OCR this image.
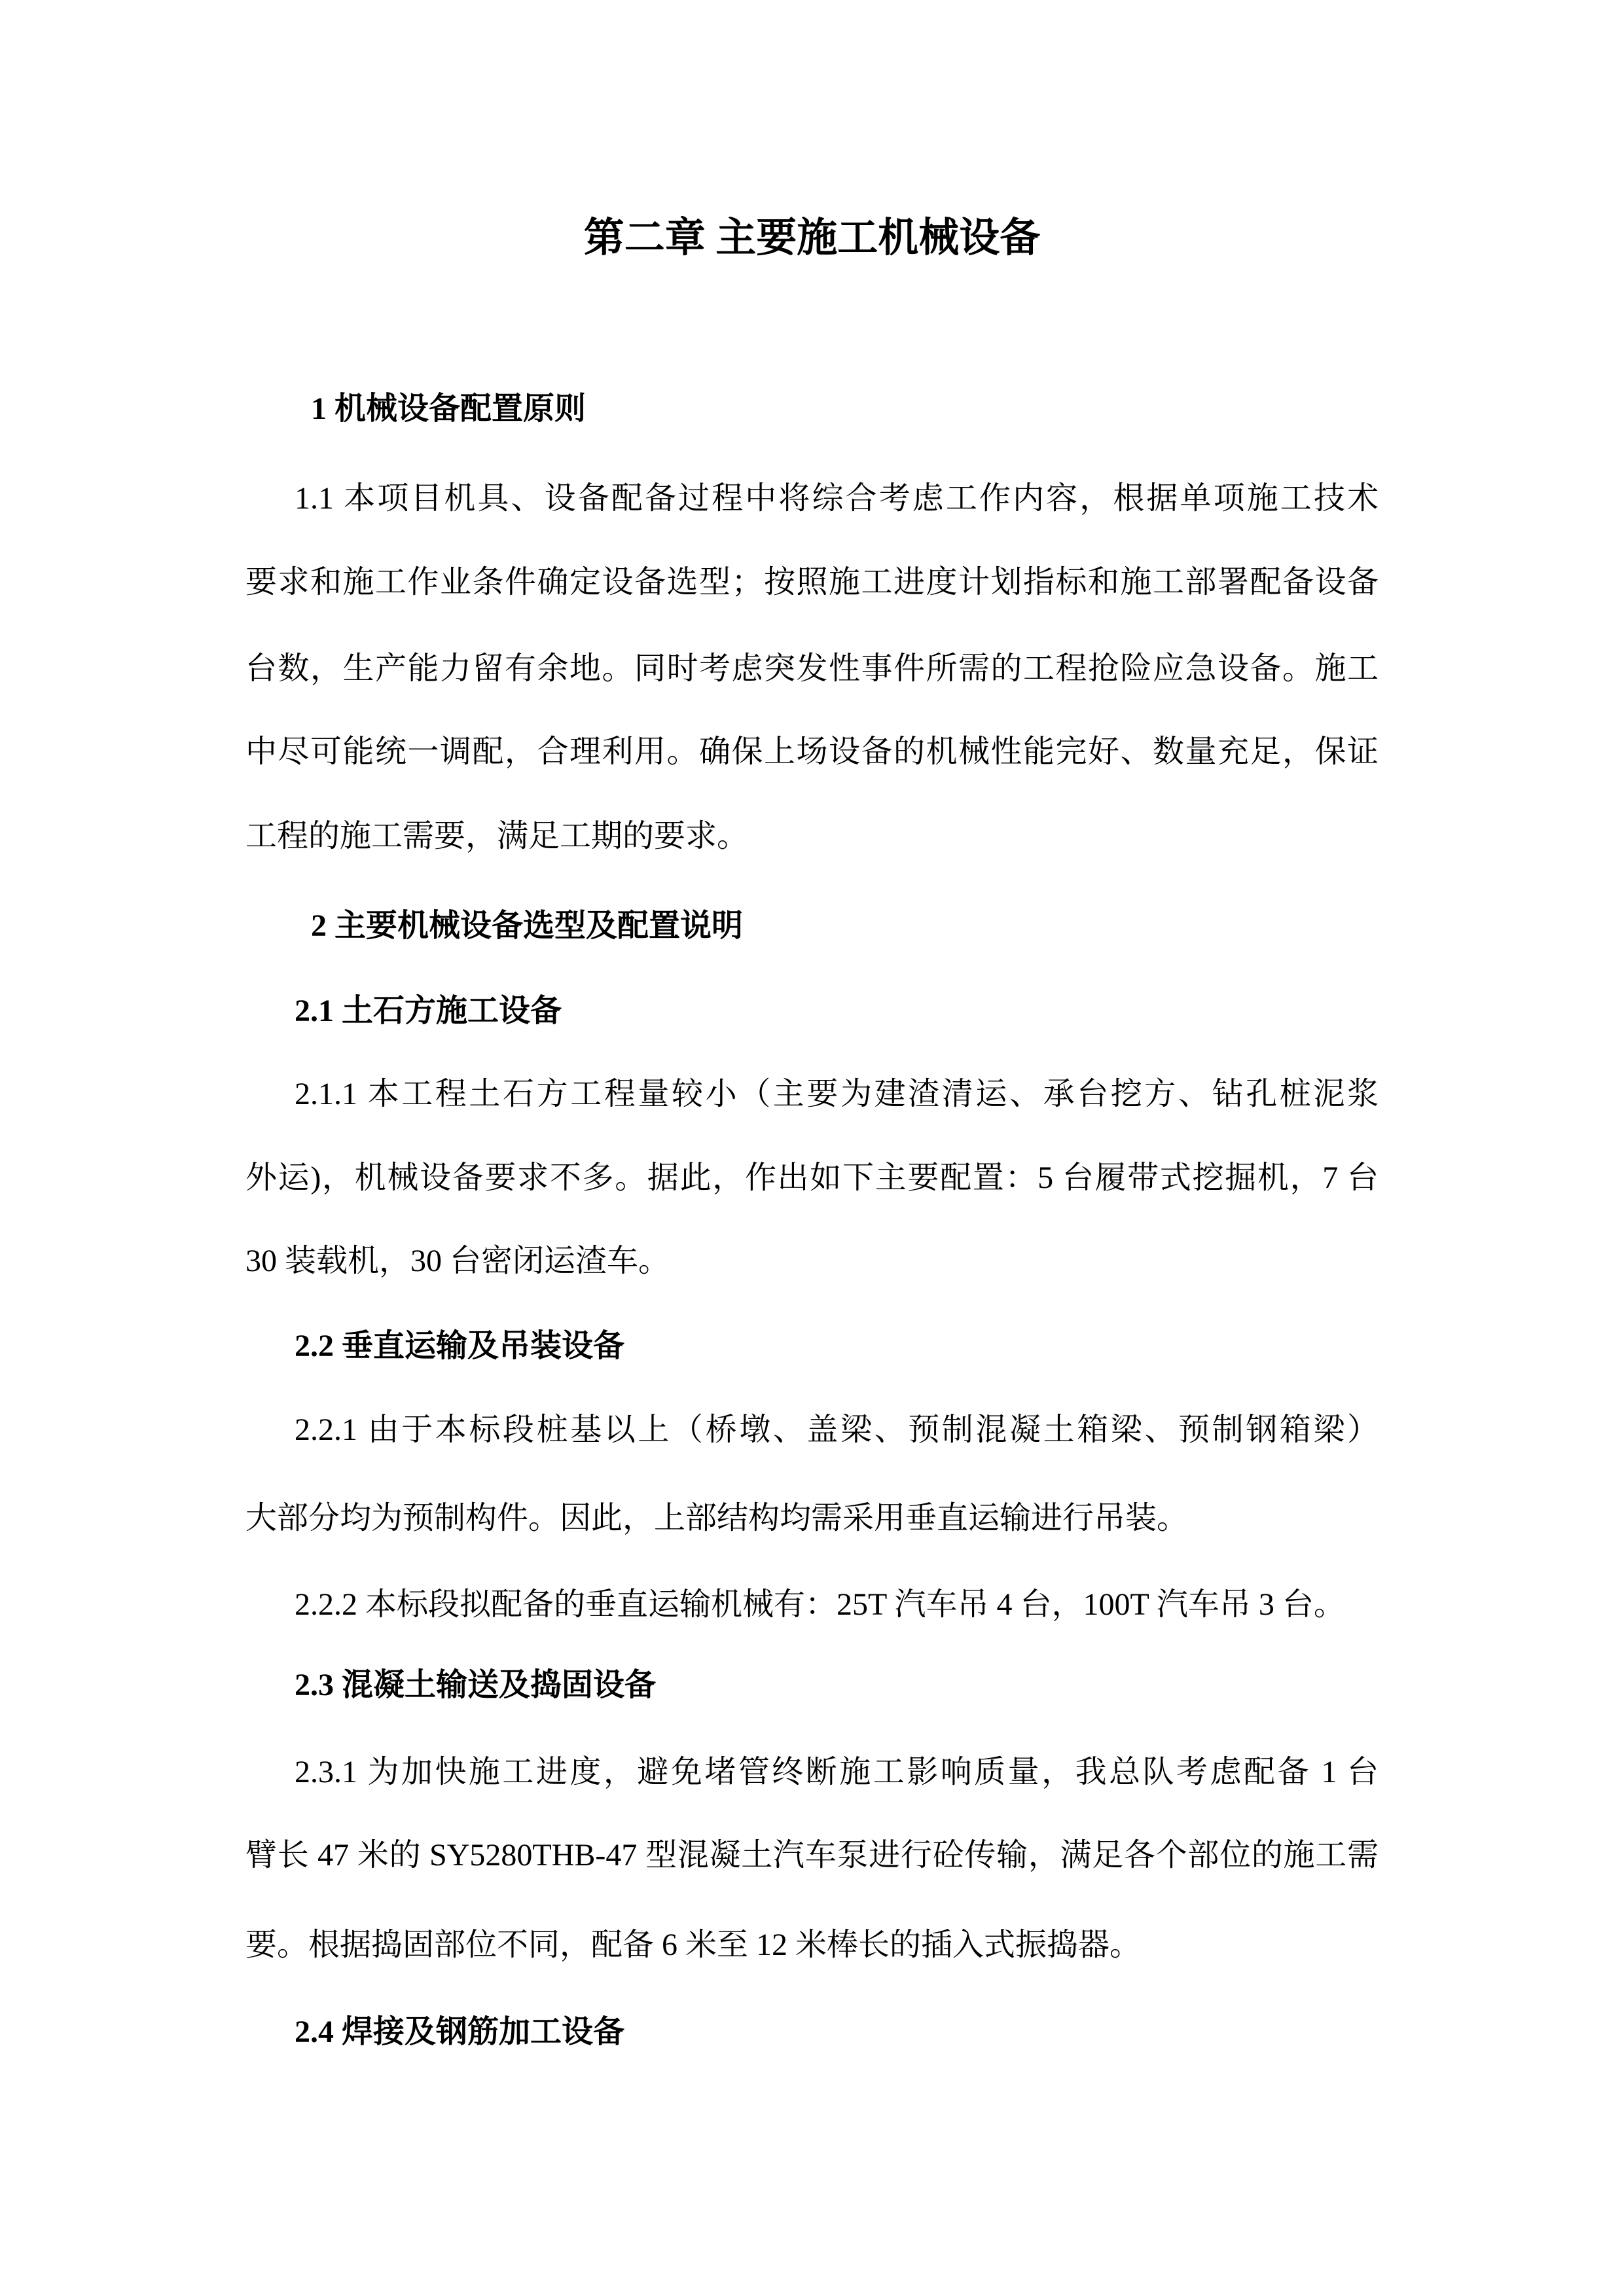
第二章 主要施工机械设备
1 机械设备配置原则
1.1 本项目机具、设备配备过程中将综合考虑工作内容，根据单项施工技术
要求和施工作业条件确定设备选型；按照施工进度计划指标和施工部署配备设备
台数，生产能力留有余地。同时考虑突发性事件所需的工程抢险应急设备。施工
中尽可能统一调配，合理利用。确保上场设备的机械性能完好、数量充足，保证
工程的施工需要，满足工期的要求。
2 主要机械设备选型及配置说明
2.1 土石方施工设备
2.1.1 本工程土石方工程量较小（主要为建渣清运、承台挖方、钻孔桩泥浆
外运)，机械设备要求不多。据此，作出如下主要配置：5 台履带式挖掘机，7 台
30 装载机，30 台密闭运渣车。
2.2 垂直运输及吊装设备
2.2.1 由于本标段桩基以上（桥墩、盖梁、预制混凝土箱梁、预制钢箱梁）
大部分均为预制构件。因此，上部结构均需采用垂直运输进行吊装。
2.2.2 本标段拟配备的垂直运输机械有：25T 汽车吊 4 台，100T 汽车吊 3 台。
2.3 混凝土输送及捣固设备
2.3.1 为加快施工进度，避免堵管终断施工影响质量，我总队考虑配备 1 台
臂长 47 米的 SY5280THB-47 型混凝土汽车泵进行砼传输，满足各个部位的施工需
要。根据捣固部位不同，配备 6 米至 12 米棒长的插入式振捣器。
2.4 焊接及钢筋加工设备
